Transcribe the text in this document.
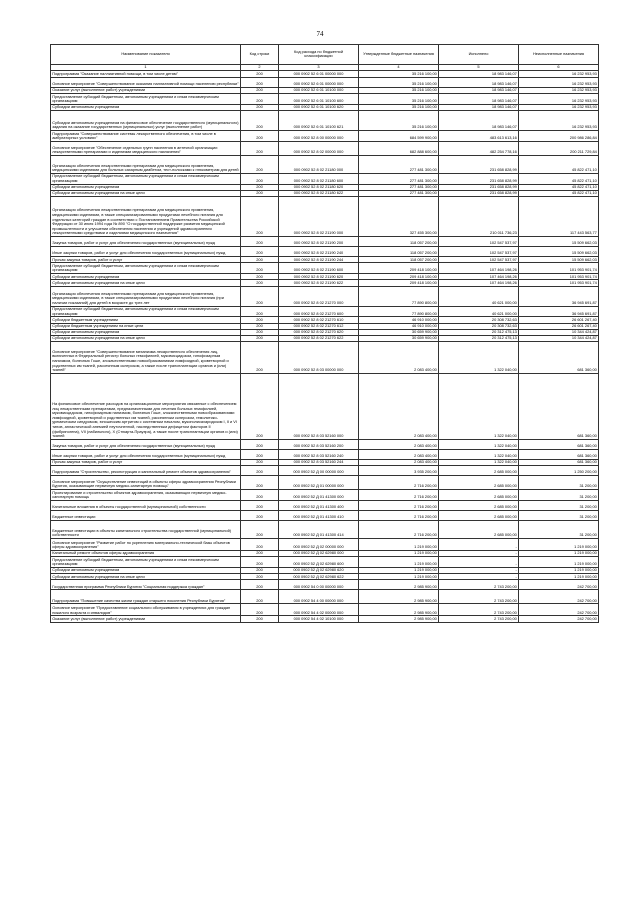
74
Наименование показателя	Код строки	Код расхода по бюджетной классификации	Утвержденные бюджетные назначения	Исполнено	Неисполненные назначения
1	2	3	4	5	6
Подпрограмма "Оказание паллиативной помощи, в том числе детям"	200	000 0902 52 6 01 00000 000	35 216 100,00	18 983 146,07	16 232 953,93
Основное мероприятие "Совершенствование оказания паллиативной помощи населению республики"	200	000 0902 52 6 01 00000 000	35 216 100,00	18 983 146,07	16 232 953,93
Оказание услуг (выполнение работ) учреждениями	200	000 0902 52 6 01 10100 000	35 216 100,00	18 983 146,07	16 232 953,93
Предоставление субсидий бюджетным, автономным учреждениям и иным некоммерческим организациям	200	000 0902 52 6 01 10100 600	35 216 100,00	18 983 146,07	16 232 953,93
Субсидии автономным учреждениям	200	000 0902 52 6 01 10100 620	35 216 100,00	18 983 146,07	16 232 953,93
Субсидии автономным учреждениям на финансовое обеспечение государственного (муниципального) задания на оказание государственных (муниципальных) услуг (выполнение работ)	200	000 0902 52 6 01 10100 621	35 216 100,00	18 983 146,07	16 232 953,93
Подпрограмма "Совершенствование системы лекарственного обеспечения, в том числе в амбулаторных условиях"	200	000 0902 52 8 00 00000 000	684 599 900,00	483 613 613,16	200 986 286,84
Основное мероприятие "Обеспечение отдельных групп населения в аптечной организации лекарственными препаратами и изделиями медицинского назначения"	200	000 0902 52 8 02 00000 000	682 888 600,00	482 254 778,16	200 211 729,84
Организация обеспечения лекарственными препаратами для медицинского применения, медицинскими изделиями для больных сахарным диабетом, тест-полосками к глюкометрам для детей	200	000 0902 52 8 02 21180 000	277 481 300,00	231 658 828,99	45 822 471,10
Предоставление субсидий бюджетным, автономным учреждениям и иным некоммерческим организациям	200	000 0902 52 8 02 21180 600	277 481 300,00	231 658 828,99	45 822 471,10
Субсидии автономным учреждениям	200	000 0902 52 8 02 21180 620	277 481 300,00	231 658 828,99	45 822 471,10
Субсидии автономным учреждениям на иные цели	200	000 0902 52 8 02 21180 622	277 481 300,00	231 658 828,99	45 822 471,10
Организация обеспечения лекарственными препаратами для медицинского применения, медицинскими изделиями, в также специализированными продуктами лечебного питания для отдельных категорий граждан в соответствии с Постановлением Правительства Российской Федерации от 30 июля 1994 года № 890 "О государственной поддержке развития медицинской промышленности и улучшении обеспечения населения и учреждений здравоохранения лекарственными средствами и изделиями медицинского назначения"	200	000 0902 52 8 02 21190 000	327 455 300,00	210 011 736,23	117 443 563,77
Закупка товаров, работ и услуг для обеспечения государственных (муниципальных) нужд	200	000 0902 52 8 02 21190 200	118 057 200,00	102 547 537,97	15 509 662,03
Иные закупки товаров, работ и услуг для обеспечения государственных (муниципальных) нужд	200	000 0902 52 8 02 21190 240	118 057 200,00	102 547 537,97	15 509 662,03
Прочая закупка товаров, работ и услуг	200	000 0902 52 8 02 21190 244	118 057 200,00	102 547 537,97	15 509 662,03
Предоставление субсидий бюджетным, автономным учреждениям и иным некоммерческим организациям	200	000 0902 52 8 02 21190 600	209 418 100,00	107 464 198,26	101 953 901,74
Субсидии автономным учреждениям	200	000 0902 52 8 02 21190 620	209 418 100,00	107 464 198,26	101 953 901,74
Субсидии автономным учреждениям на иные цели	200	000 0902 52 8 02 21190 622	209 418 100,00	107 464 198,26	101 953 901,74
Организация обеспечения лекарственными препаратами для медицинского применения, медицинскими изделиями, в также специализированными продуктами лечебного питания (при наличии показаний) для детей в возрасте до трех лет	200	000 0902 52 8 02 21270 000	77 890 800,00	40 621 000,00	36 945 691,87
Предоставление субсидий бюджетным, автономным учреждениям и иным некоммерческим организациям	200	000 0902 52 8 02 21270 600	77 890 800,00	40 621 000,00	36 945 691,87
Субсидии бюджетным учреждениям	200	000 0902 52 8 02 21270 610	46 910 000,00	20 308 732,63	26 601 267,40
Субсидии бюджетным учреждениям на иные цели	200	000 0902 52 8 02 21270 612	46 910 000,00	20 308 732,63	26 601 267,40
Субсидии автономным учреждениям	200	000 0902 52 8 02 21270 620	30 659 900,00	20 312 475,13	10 344 424,87
Субсидии автономным учреждениям на иные цели	200	000 0902 52 8 02 21270 622	30 659 900,00	20 312 475,13	10 344 424,87
Основное мероприятие "Совершенствование механизма лекарственного обеспечения лиц, включенных в Федеральный регистр больных гемофилией, муковисцидозом, гипофизарным нанизмом, болезнью Гоше, злокачественными новообразованиями лимфоидной, кроветворной и родственных им тканей, рассеянным склерозом, а также после трансплантации органов и (или) тканей"	200	000 0902 52 8 03 00000 000	2 083 400,00	1 322 040,00	681 360,00
На финансовое обеспечение расходов на организационные мероприятия связанные с обеспечением лиц лекарственными препаратами, предназначенными для лечения больных гемофилией, муковисцидозом, гипофизарным нанизмом, болезнью Гоше, злокачественными новообразованиями лимфоидной, кроветворной и родственных им тканей, рассеянным склерозом, гемолитико-уремическим синдромом, юношеским артритом с системным началом, мукополисахаридозом I, II и VI типов, апластической анемией неуточненной, наследственным дефицитом факторов II (фибриногена), VII (лабильного), X (Стюарта-Прауэра), а также после трансплантации органов и (или) тканей	200	000 0902 52 8 03 52160 000	2 083 400,00	1 322 040,00	681 360,00
Закупка товаров, работ и услуг для обеспечения государственных (муниципальных) нужд	200	000 0902 52 8 03 52160 200	2 083 400,00	1 322 040,00	681 360,00
Иные закупки товаров, работ и услуг для обеспечения государственных (муниципальных) нужд	200	000 0902 52 8 03 52160 240	2 083 400,00	1 322 040,00	681 360,00
Прочая закупка товаров, работ и услуг	200	000 0902 52 8 03 52160 244	2 083 400,00	1 322 040,00	681 360,00
Подпрограмма "Строительство, реконструкция и капитальный ремонт объектов здравоохранения"	200	000 0902 52 Д 00 00000 000	3 935 200,00	2 685 000,00	1 250 200,00
Основное мероприятие "Осуществление инвестиций в объекты сферы здравоохранения Республики Бурятия, оказывающие первичную медико-санитарную помощь"	200	000 0902 52 Д 01 00000 000	2 716 200,00	2 685 000,00	31 200,00
Проектирование и строительство объектов здравоохранения, оказывающих первичную медико-санитарную помощь	200	000 0902 52 Д 01 41300 000	2 716 200,00	2 685 000,00	31 200,00
Капитальные вложения в объекты государственной (муниципальной) собственности	200	000 0902 52 Д 01 41300 400	2 716 200,00	2 685 000,00	31 200,00
Бюджетные инвестиции	200	000 0902 52 Д 01 41300 410	2 716 200,00	2 685 000,00	31 200,00
Бюджетные инвестиции в объекты капитального строительства государственной (муниципальной) собственности	200	000 0902 52 Д 01 41300 414	2 716 200,00	2 685 000,00	31 200,00
Основное мероприятие "Развитие работ по укреплению материально-технической базы объектов сферы здравоохранения"	200	000 0902 52 Д 02 00000 000	1 219 000,00	-	1 219 000,00
Капитальный ремонт объектов сферы здравоохранения	200	000 0902 52 Д 02 62980 000	1 219 000,00	-	1 219 000,00
Предоставление субсидий бюджетным, автономным учреждениям и иным некоммерческим организациям	200	000 0902 52 Д 02 62980 600	1 219 000,00	-	1 219 000,00
Субсидии автономным учреждениям	200	000 0902 52 Д 02 62980 620	1 219 000,00	-	1 219 000,00
Субсидии автономным учреждениям на иные цели	200	000 0902 52 Д 02 62980 622	1 219 000,00	-	1 219 000,00
Государственная программа Республики Бурятия "Социальная поддержка граждан"	200	000 0902 54 0 00 00000 000	2 985 900,00	2 743 200,00	242 700,00
Подпрограмма "Повышение качества жизни граждан старшего поколения Республики Бурятия"	200	000 0902 54 4 00 00000 000	2 985 900,00	2 743 200,00	242 700,00
Основное мероприятие "Предоставление социального обслуживания в учреждениях для граждан пожилого возраста и инвалидов"	200	000 0902 54 4 02 00000 000	2 985 900,00	2 743 200,00	242 700,00
Оказание услуг (выполнение работ) учреждениями	200	000 0902 54 4 02 10100 000	2 985 900,00	2 743 200,00	242 700,00
